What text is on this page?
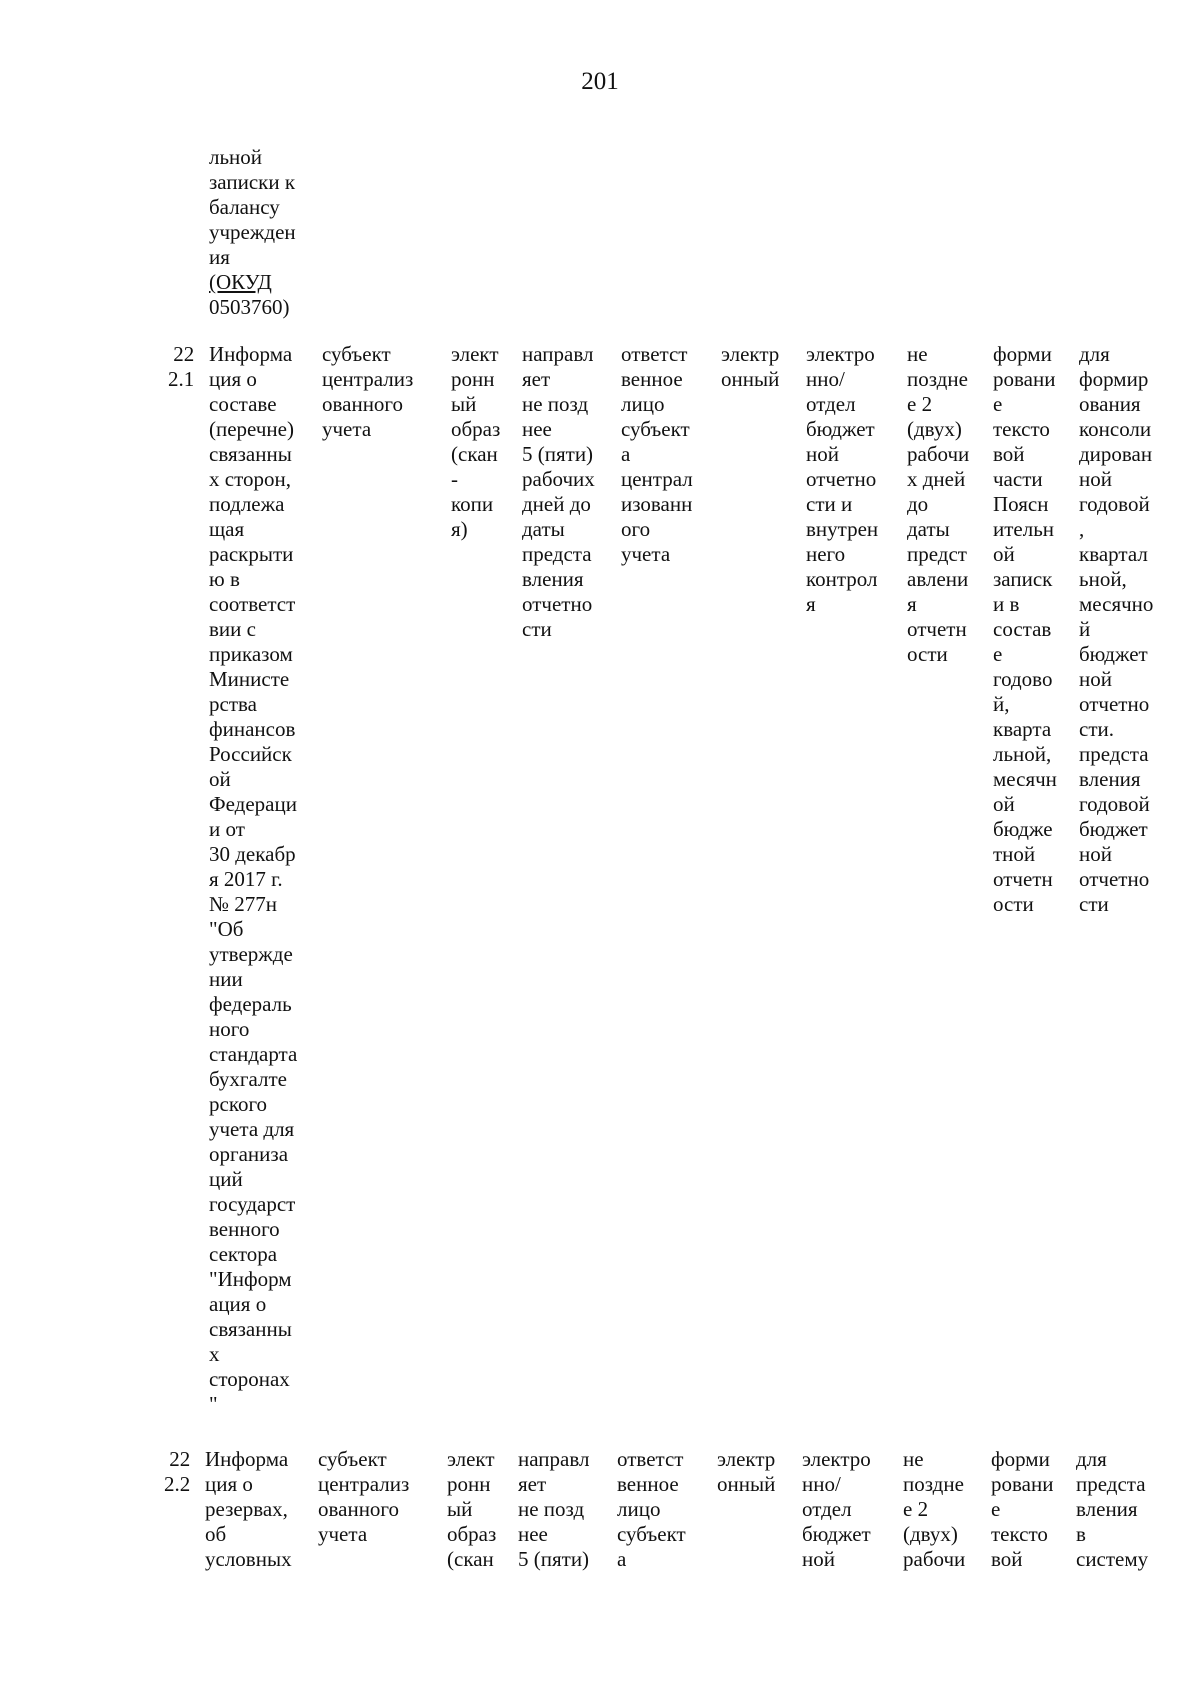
201
льной
записки к
балансу
учрежден
ия
(ОКУД
0503760)
22
2.1
Информа
ция о
составе
(перечне)
связанны
х сторон,
подлежа
щая
раскрыти
ю в
соответст
вии с
приказом
Министе
рства
финансов
Российск
ой
Федераци
и от
30 декабр
я 2017 г.
№ 277н
"Об
утвержде
нии
федераль
ного
стандарта
бухгалте
рского
учета для
организа
ций
государст
венного
сектора
"Информ
ация о
связанны
х
сторонах
"
субъект
централиз
ованного
учета
элект
ронн
ый
образ
(скан
-
копи
я)
направл
яет
не позд
нее
5 (пяти)
рабочих
дней до
даты
предста
вления
отчетно
сти
ответст
венное
лицо
субъект
а
централ
изованн
ого
учета
электр
онный
электро
нно/
отдел
бюджет
ной
отчетно
сти и
внутрен
него
контрол
я
не
поздне
е 2
(двух)
рабочи
х дней
до
даты
предст
авлени
я
отчетн
ости
форми
ровани
е
тексто
вой
части
Поясн
ительн
ой
записк
и в
состав
е
годово
й,
кварта
льной,
месячн
ой
бюдже
тной
отчетн
ости
для
формир
ования
консоли
дирован
ной
годовой
,
квартал
ьной,
месячно
й
бюджет
ной
отчетно
сти.
предста
вления
годовой
бюджет
ной
отчетно
сти
22
2.2
Информа
ция о
резервах,
об
условных
субъект
централиз
ованного
учета
элект
ронн
ый
образ
(скан
направл
яет
не позд
нее
5 (пяти)
ответст
венное
лицо
субъект
а
электр
онный
электро
нно/
отдел
бюджет
ной
не
поздне
е 2
(двух)
рабочи
форми
ровани
е
тексто
вой
для
предста
вления
в
систему
